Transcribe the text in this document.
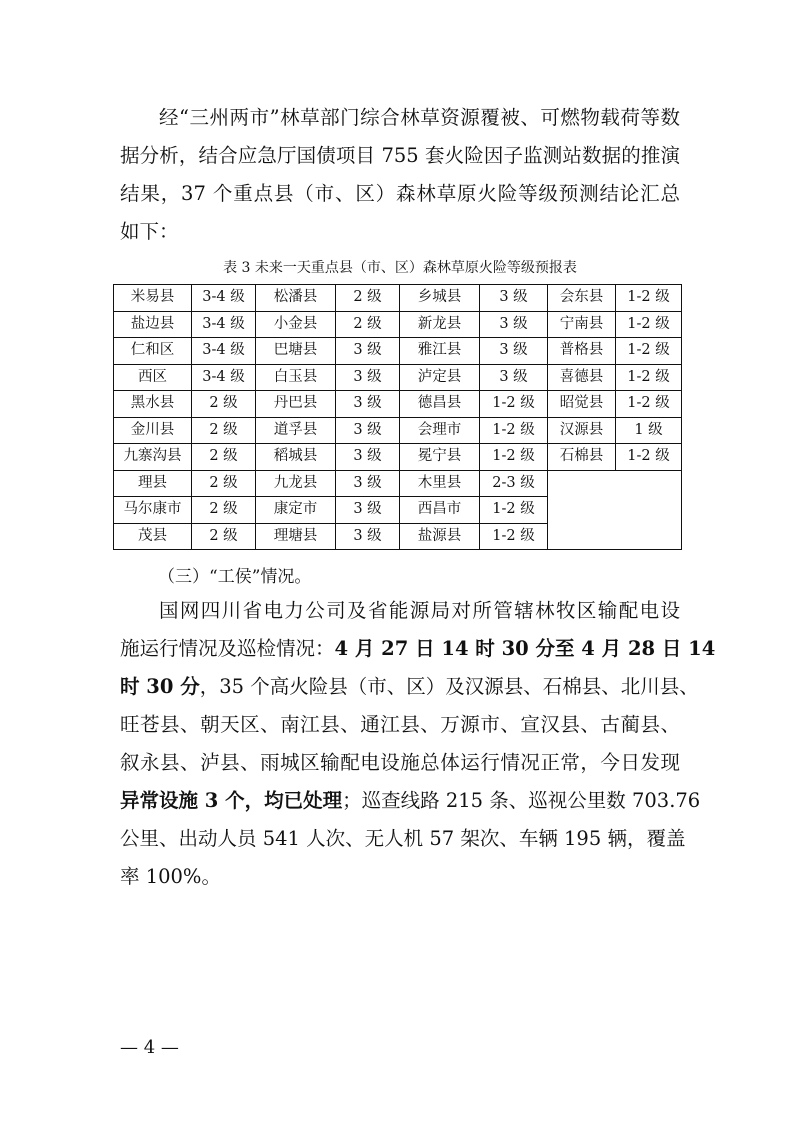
经“三州两市”林草部门综合林草资源覆被、可燃物载荷等数
据分析，结合应急厅国债项目 755 套火险因子监测站数据的推演
结果，37 个重点县（市、区）森林草原火险等级预测结论汇总
如下：
表 3 未来一天重点县（市、区）森林草原火险等级预报表
米易县	3-4 级	松潘县	2 级	乡城县	3 级	会东县	1-2 级
盐边县	3-4 级	小金县	2 级	新龙县	3 级	宁南县	1-2 级
仁和区	3-4 级	巴塘县	3 级	雅江县	3 级	普格县	1-2 级
西区	3-4 级	白玉县	3 级	泸定县	3 级	喜德县	1-2 级
黑水县	2 级	丹巴县	3 级	德昌县	1-2 级	昭觉县	1-2 级
金川县	2 级	道孚县	3 级	会理市	1-2 级	汉源县	1 级
九寨沟县	2 级	稻城县	3 级	冕宁县	1-2 级	石棉县	1-2 级
理县	2 级	九龙县	3 级	木里县	2-3 级		
马尔康市	2 级	康定市	3 级	西昌市	1-2 级		
茂县	2 级	理塘县	3 级	盐源县	1-2 级		
（三）“工侯”情况。
国网四川省电力公司及省能源局对所管辖林牧区输配电设
施运行情况及巡检情况：4 月 27 日 14 时 30 分至 4 月 28 日 14
时 30 分，35 个高火险县（市、区）及汉源县、石棉县、北川县、
旺苍县、朝天区、南江县、通江县、万源市、宣汉县、古蔺县、
叙永县、泸县、雨城区输配电设施总体运行情况正常，今日发现
异常设施 3 个，均已处理；巡查线路 215 条、巡视公里数 703.76
公里、出动人员 541 人次、无人机 57 架次、车辆 195 辆，覆盖
率 100%。
— 4 —
